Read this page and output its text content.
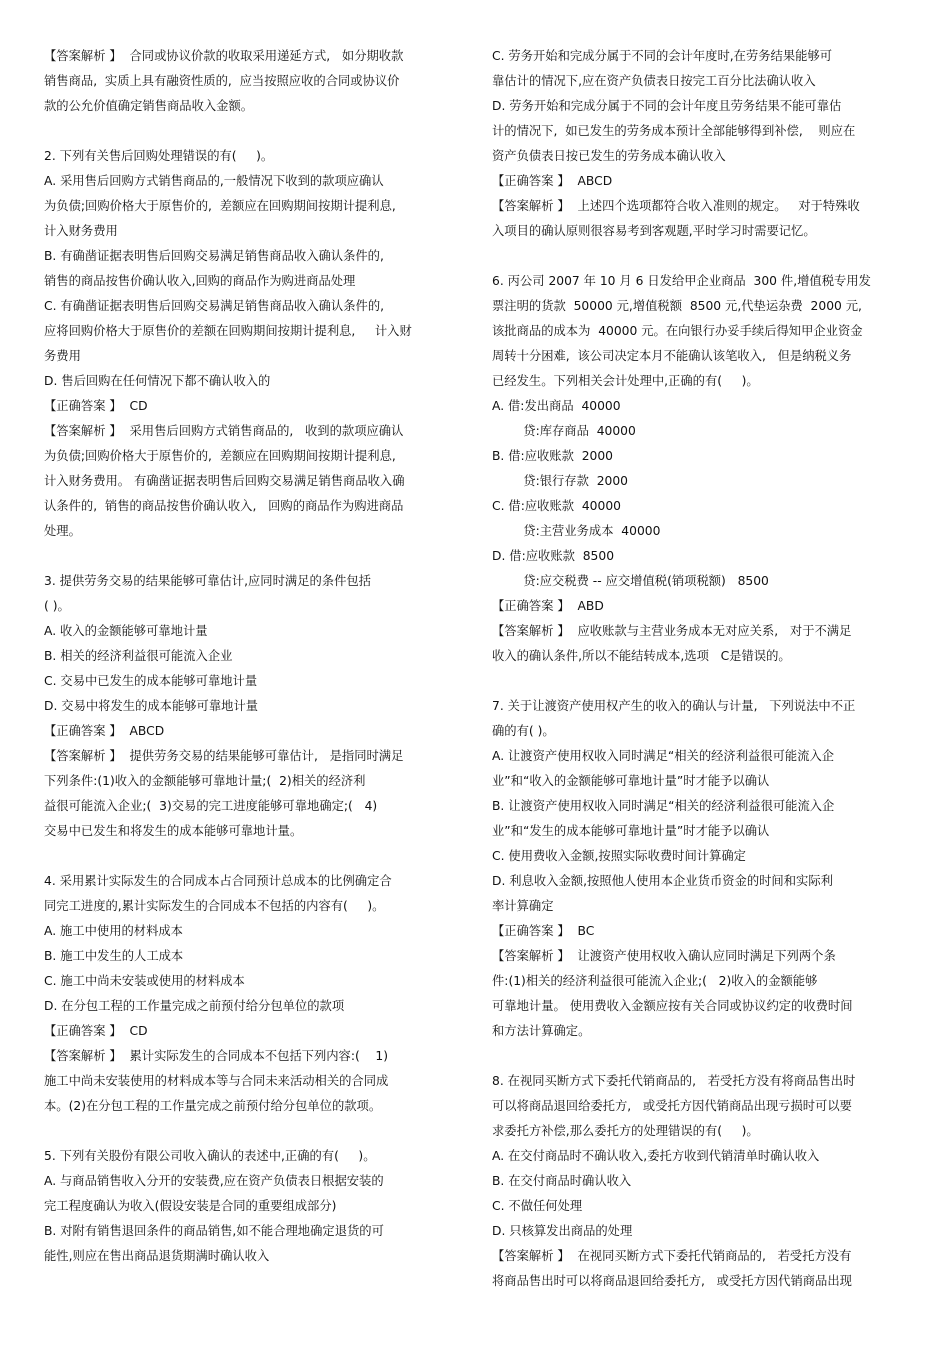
【答案解析 】  合同或协议价款的收取采用递延方式,   如分期收款
销售商品,  实质上具有融资性质的,  应当按照应收的合同或协议价
款的公允价值确定销售商品收入金额。
2. 下列有关售后回购处理错误的有(     )。
A. 采用售后回购方式销售商品的,一般情况下收到的款项应确认
为负债;回购价格大于原售价的,  差额应在回购期间按期计提利息,
计入财务费用
B. 有确凿证据表明售后回购交易满足销售商品收入确认条件的,
销售的商品按售价确认收入,回购的商品作为购进商品处理
C. 有确凿证据表明售后回购交易满足销售商品收入确认条件的,
应将回购价格大于原售价的差额在回购期间按期计提利息,     计入财
务费用
D. 售后回购在任何情况下都不确认收入的
【正确答案 】  CD
【答案解析 】  采用售后回购方式销售商品的,   收到的款项应确认
为负债;回购价格大于原售价的,  差额应在回购期间按期计提利息,
计入财务费用。 有确凿证据表明售后回购交易满足销售商品收入确
认条件的,  销售的商品按售价确认收入,   回购的商品作为购进商品
处理。
3. 提供劳务交易的结果能够可靠估计,应同时满足的条件包括
( )。
A. 收入的金额能够可靠地计量
B. 相关的经济利益很可能流入企业
C. 交易中已发生的成本能够可靠地计量
D. 交易中将发生的成本能够可靠地计量
【正确答案 】  ABCD
【答案解析 】  提供劳务交易的结果能够可靠估计,   是指同时满足
下列条件:(1)收入的金额能够可靠地计量;(  2)相关的经济利
益很可能流入企业;(  3)交易的完工进度能够可靠地确定;(   4)
交易中已发生和将发生的成本能够可靠地计量。
4. 采用累计实际发生的合同成本占合同预计总成本的比例确定合
同完工进度的,累计实际发生的合同成本不包括的内容有(     )。
A. 施工中使用的材料成本
B. 施工中发生的人工成本
C. 施工中尚未安装或使用的材料成本
D. 在分包工程的工作量完成之前预付给分包单位的款项
【正确答案 】  CD
【答案解析 】  累计实际发生的合同成本不包括下列内容:(    1)
施工中尚未安装使用的材料成本等与合同未来活动相关的合同成
本。(2)在分包工程的工作量完成之前预付给分包单位的款项。
5. 下列有关股份有限公司收入确认的表述中,正确的有(     )。
A. 与商品销售收入分开的安装费,应在资产负债表日根据安装的
完工程度确认为收入(假设安装是合同的重要组成部分)
B. 对附有销售退回条件的商品销售,如不能合理地确定退货的可
能性,则应在售出商品退货期满时确认收入
C. 劳务开始和完成分属于不同的会计年度时,在劳务结果能够可
靠估计的情况下,应在资产负债表日按完工百分比法确认收入
D. 劳务开始和完成分属于不同的会计年度且劳务结果不能可靠估
计的情况下,  如已发生的劳务成本预计全部能够得到补偿,    则应在
资产负债表日按已发生的劳务成本确认收入
【正确答案 】  ABCD
【答案解析 】  上述四个选项都符合收入准则的规定。   对于特殊收
入项目的确认原则很容易考到客观题,平时学习时需要记忆。
6. 丙公司 2007 年 10 月 6 日发给甲企业商品  300 件,增值税专用发
票注明的货款  50000 元,增值税额  8500 元,代垫运杂费  2000 元,
该批商品的成本为  40000 元。在向银行办妥手续后得知甲企业资金
周转十分困难,  该公司决定本月不能确认该笔收入,   但是纳税义务
已经发生。下列相关会计处理中,正确的有(     )。
A. 借:发出商品  40000
贷:库存商品  40000
B. 借:应收账款  2000
贷:银行存款  2000
C. 借:应收账款  40000
贷:主营业务成本  40000
D. 借:应收账款  8500
贷:应交税费 -- 应交增值税(销项税额)   8500
【正确答案 】  ABD
【答案解析 】  应收账款与主营业务成本无对应关系,   对于不满足
收入的确认条件,所以不能结转成本,选项   C是错误的。
7. 关于让渡资产使用权产生的收入的确认与计量,   下列说法中不正
确的有( )。
A. 让渡资产使用权收入同时满足“相关的经济利益很可能流入企
业”和“收入的金额能够可靠地计量”时才能予以确认
B. 让渡资产使用权收入同时满足“相关的经济利益很可能流入企
业”和“发生的成本能够可靠地计量”时才能予以确认
C. 使用费收入金额,按照实际收费时间计算确定
D. 利息收入金额,按照他人使用本企业货币资金的时间和实际利
率计算确定
【正确答案 】  BC
【答案解析 】  让渡资产使用权收入确认应同时满足下列两个条
件:(1)相关的经济利益很可能流入企业;(   2)收入的金额能够
可靠地计量。 使用费收入金额应按有关合同或协议约定的收费时间
和方法计算确定。
8. 在视同买断方式下委托代销商品的,   若受托方没有将商品售出时
可以将商品退回给委托方,   或受托方因代销商品出现亏损时可以要
求委托方补偿,那么委托方的处理错误的有(     )。
A. 在交付商品时不确认收入,委托方收到代销清单时确认收入
B. 在交付商品时确认收入
C. 不做任何处理
D. 只核算发出商品的处理
【答案解析 】  在视同买断方式下委托代销商品的,   若受托方没有
将商品售出时可以将商品退回给委托方,   或受托方因代销商品出现
